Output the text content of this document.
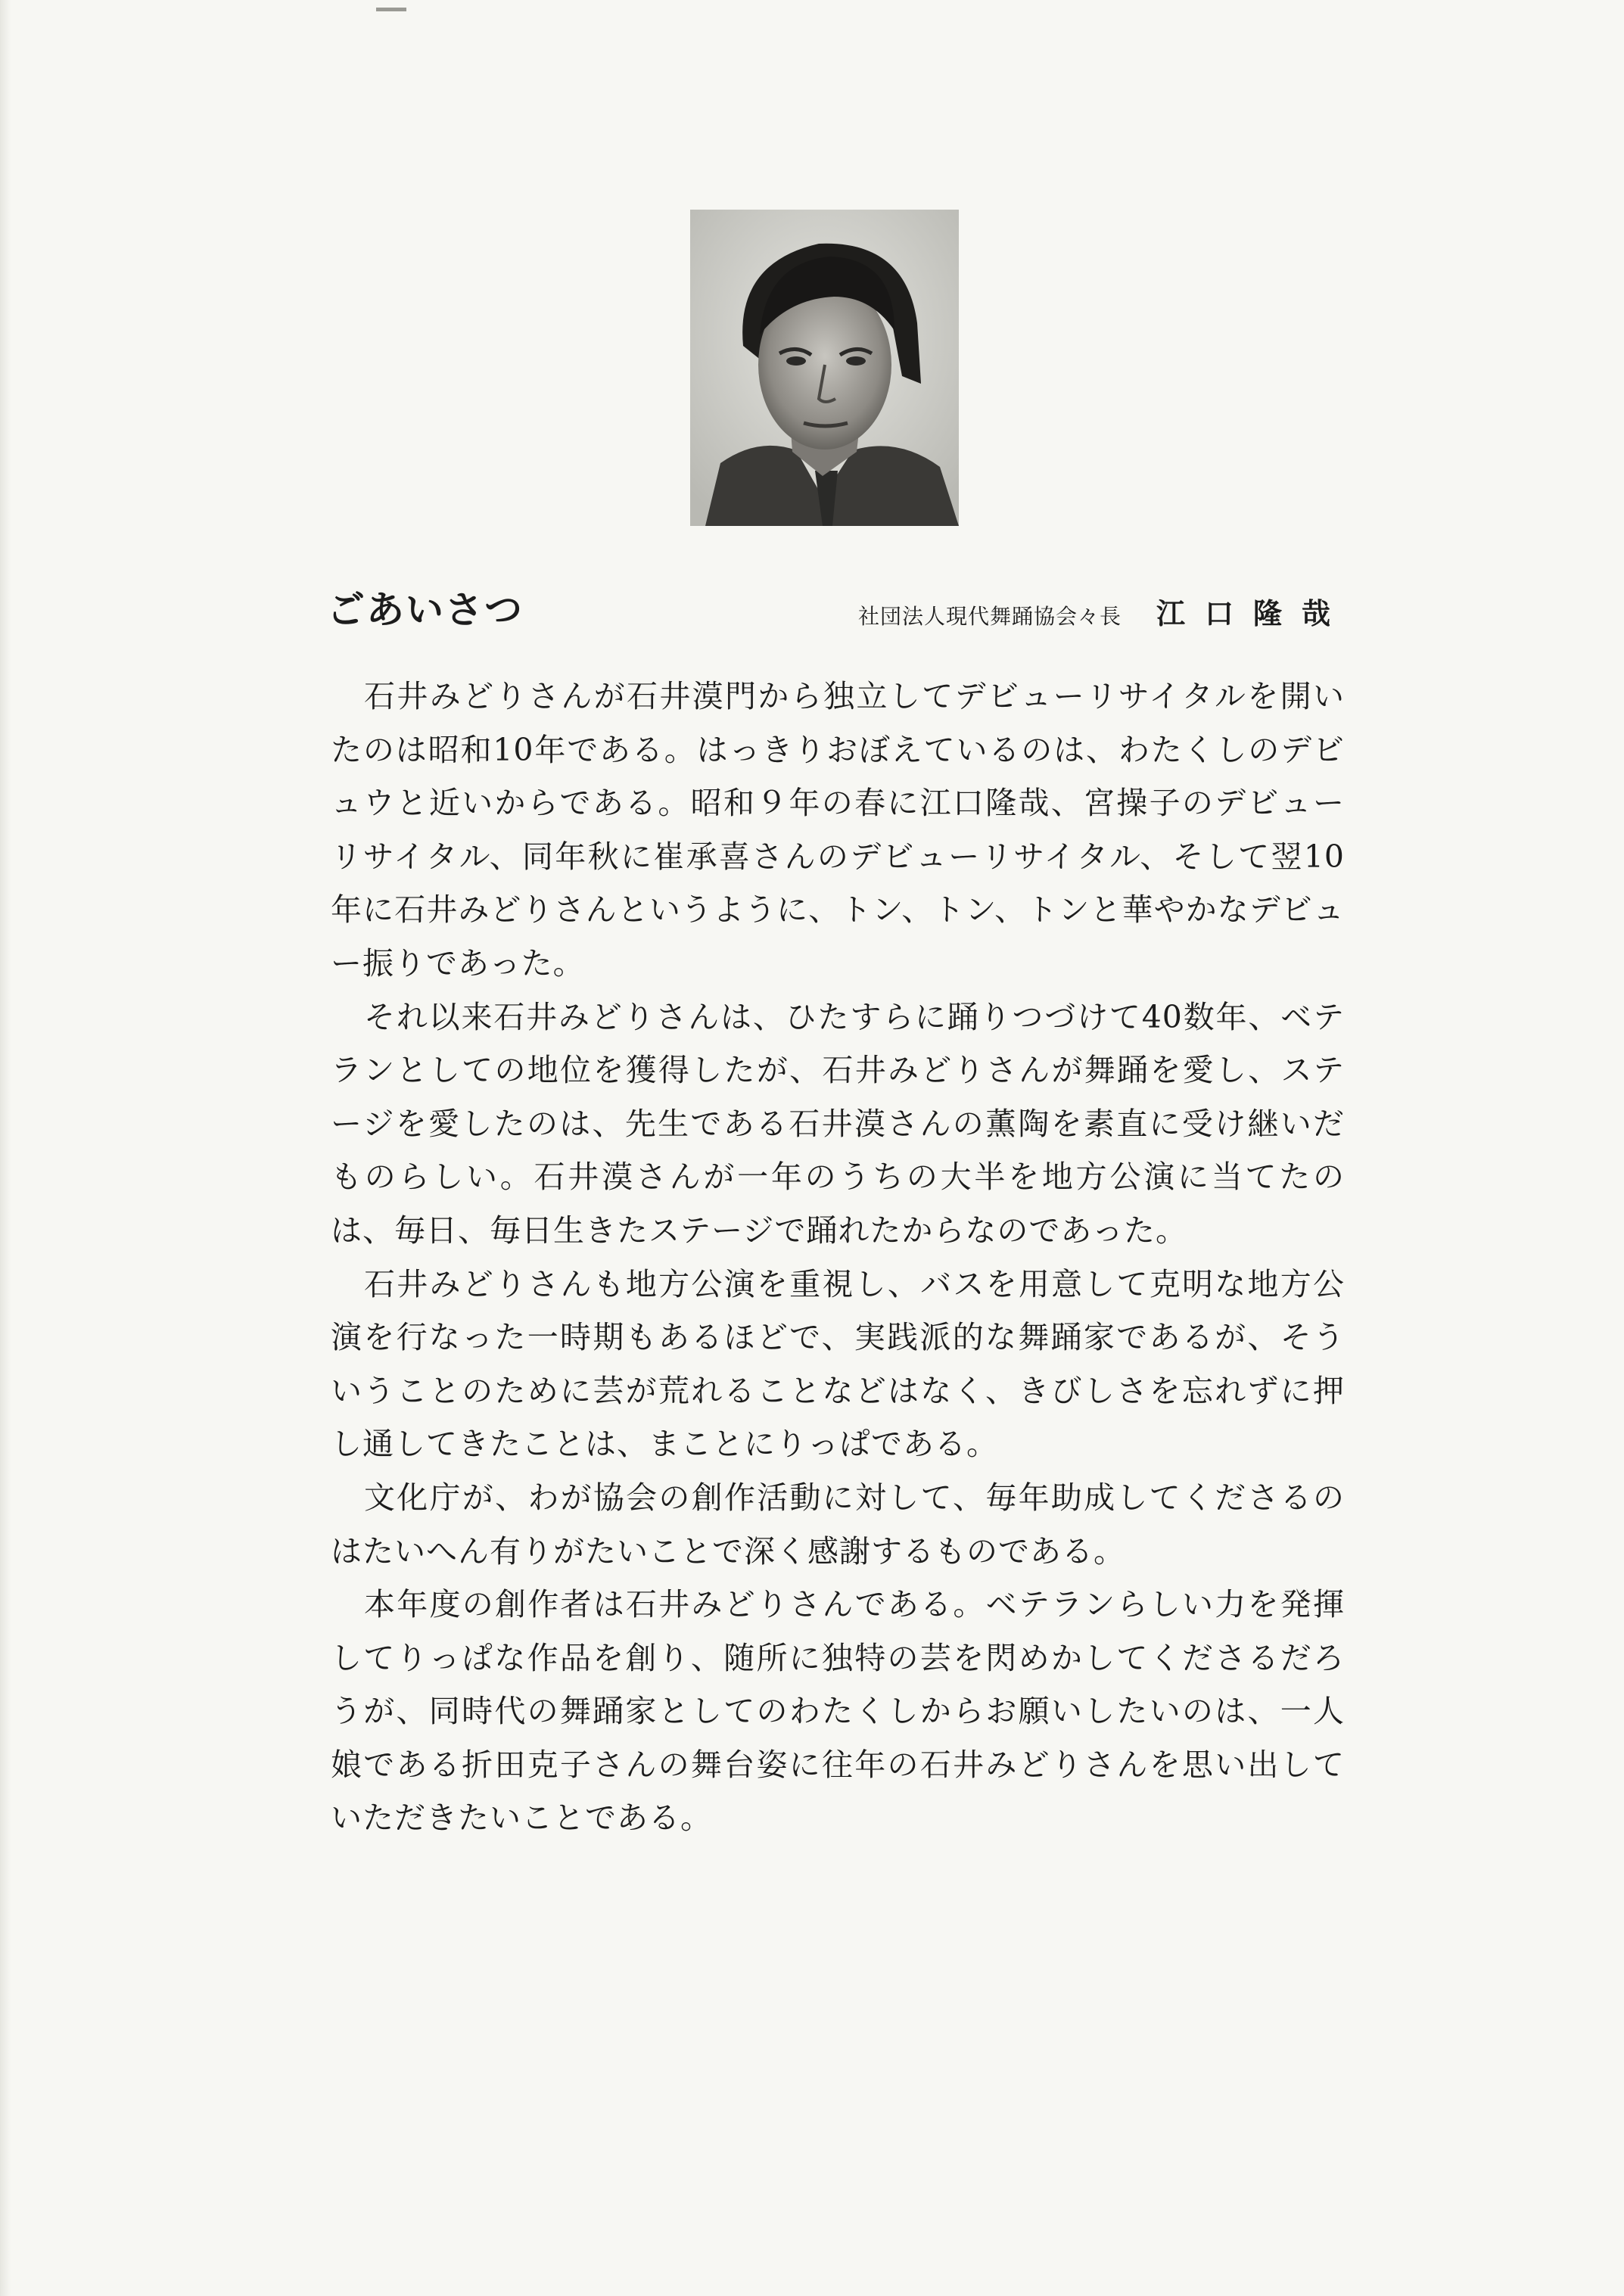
ごあいさつ	社団法人現代舞踊協会々長 江口隆哉

石井みどりさんが石井漠門から独立してデビューリサイタルを開いたのは昭和10年である。はっきりおぼえているのは、わたくしのデビュウと近いからである。昭和９年の春に江口隆哉、宮操子のデビューリサイタル、同年秋に崔承喜さんのデビューリサイタル、そして翌10年に石井みどりさんというように、トン、トン、トンと華やかなデビュー振りであった。

それ以来石井みどりさんは、ひたすらに踊りつづけて40数年、ベテランとしての地位を獲得したが、石井みどりさんが舞踊を愛し、ステージを愛したのは、先生である石井漠さんの薫陶を素直に受け継いだものらしい。石井漠さんが一年のうちの大半を地方公演に当てたのは、毎日、毎日生きたステージで踊れたからなのであった。

石井みどりさんも地方公演を重視し、バスを用意して克明な地方公演を行なった一時期もあるほどで、実践派的な舞踊家であるが、そういうことのために芸が荒れることなどはなく、きびしさを忘れずに押し通してきたことは、まことにりっぱである。

文化庁が、わが協会の創作活動に対して、毎年助成してくださるのはたいへん有りがたいことで深く感謝するものである。

本年度の創作者は石井みどりさんである。ベテランらしい力を発揮してりっぱな作品を創り、随所に独特の芸を閃めかしてくださるだろうが、同時代の舞踊家としてのわたくしからお願いしたいのは、一人娘である折田克子さんの舞台姿に往年の石井みどりさんを思い出していただきたいことである。
